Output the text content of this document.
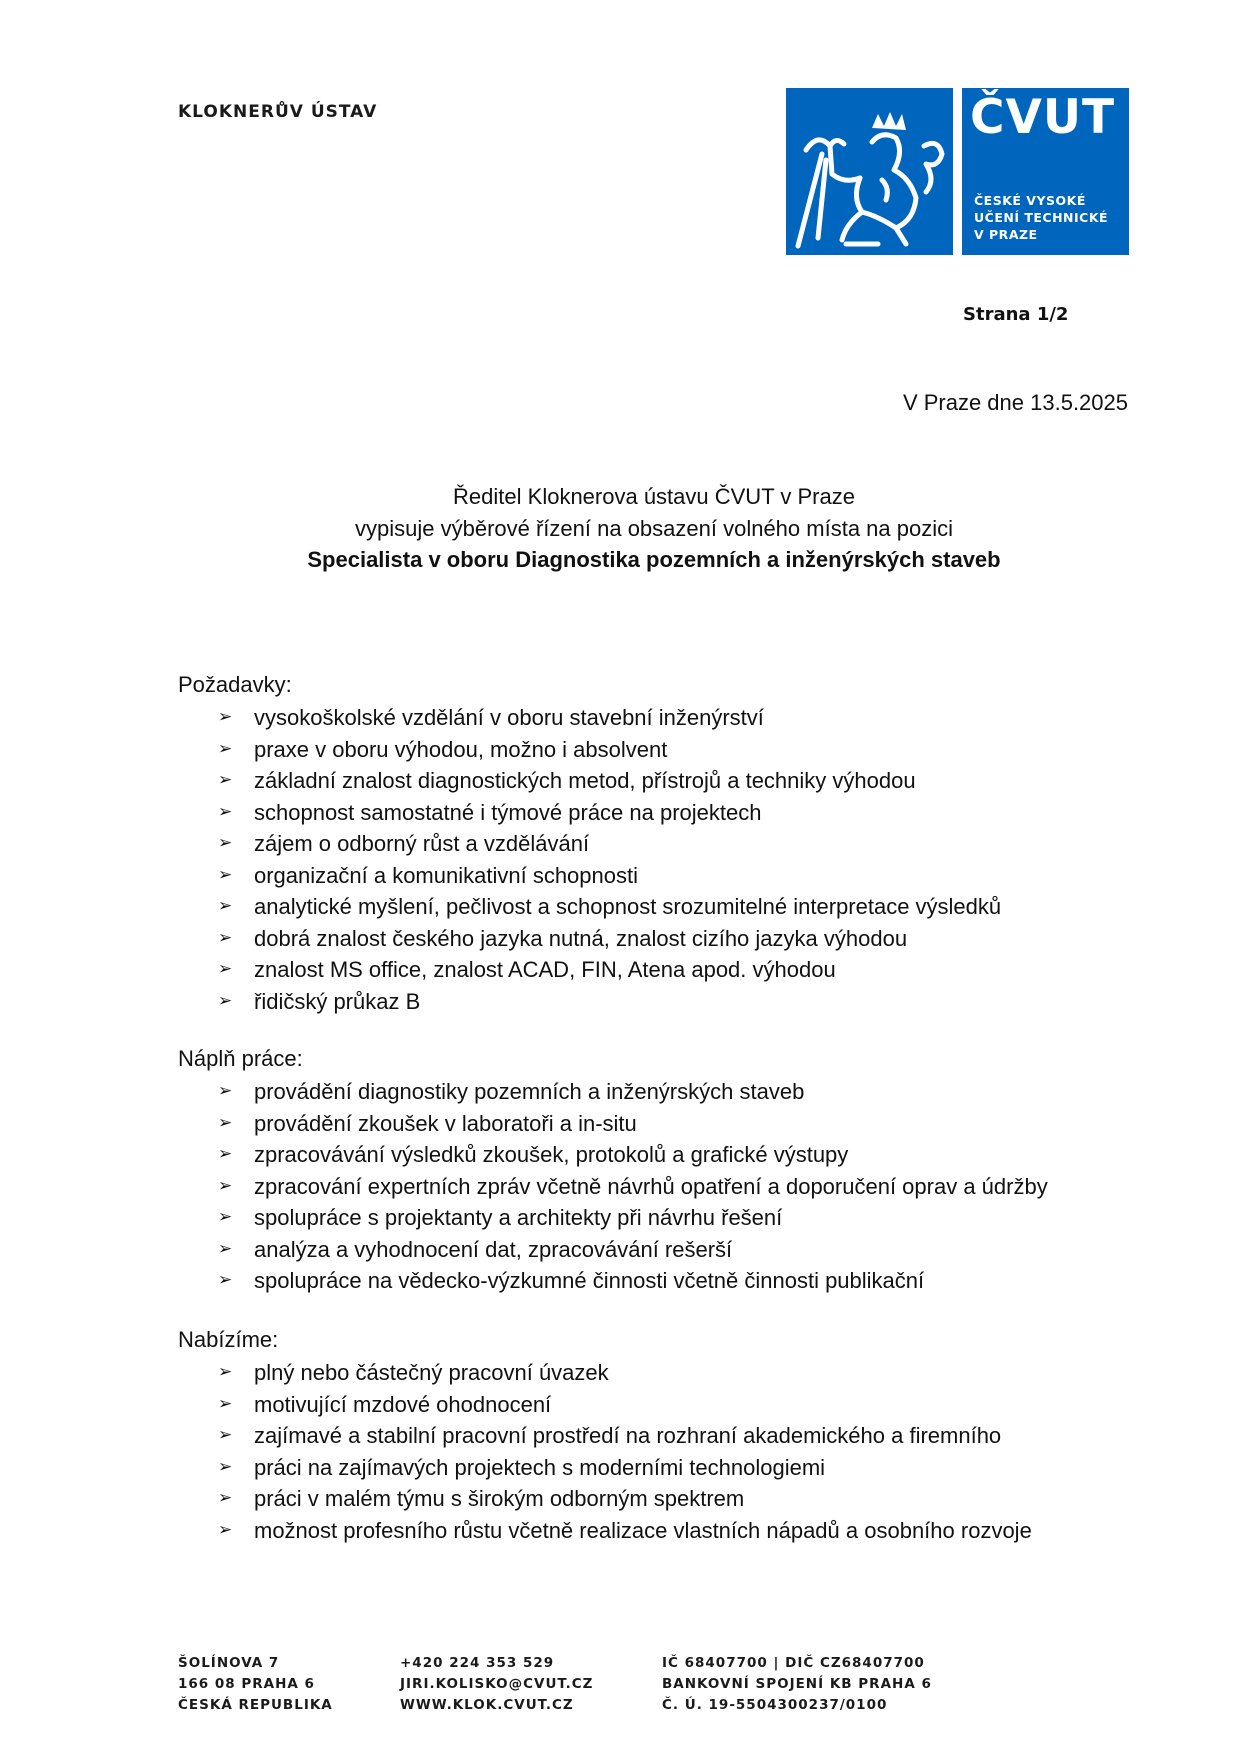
KLOKNERŮV ÚSTAV	ČVUT
ČESKÉ VYSOKÉ
UČENÍ TECHNICKÉ
V PRAZE
Strana 1/2
V Praze dne 13.5.2025
Ředitel Kloknerova ústavu ČVUT v Praze
vypisuje výběrové řízení na obsazení volného místa na pozici
Specialista v oboru Diagnostika pozemních a inženýrských staveb
Požadavky:
➢ vysokoškolské vzdělání v oboru stavební inženýrství
➢ praxe v oboru výhodou, možno i absolvent
➢ základní znalost diagnostických metod, přístrojů a techniky výhodou
➢ schopnost samostatné i týmové práce na projektech
➢ zájem o odborný růst a vzdělávání
➢ organizační a komunikativní schopnosti
➢ analytické myšlení, pečlivost a schopnost srozumitelné interpretace výsledků
➢ dobrá znalost českého jazyka nutná, znalost cizího jazyka výhodou
➢ znalost MS office, znalost ACAD, FIN, Atena apod. výhodou
➢ řidičský průkaz B
Náplň práce:
➢ provádění diagnostiky pozemních a inženýrských staveb
➢ provádění zkoušek v laboratoři a in-situ
➢ zpracovávání výsledků zkoušek, protokolů a grafické výstupy
➢ zpracování expertních zpráv včetně návrhů opatření a doporučení oprav a údržby
➢ spolupráce s projektanty a architekty při návrhu řešení
➢ analýza a vyhodnocení dat, zpracovávání rešerší
➢ spolupráce na vědecko-výzkumné činnosti včetně činnosti publikační
Nabízíme:
➢ plný nebo částečný pracovní úvazek
➢ motivující mzdové ohodnocení
➢ zajímavé a stabilní pracovní prostředí na rozhraní akademického a firemního
➢ práci na zajímavých projektech s moderními technologiemi
➢ práci v malém týmu s širokým odborným spektrem
➢ možnost profesního růstu včetně realizace vlastních nápadů a osobního rozvoje
ŠOLÍNOVA 7
166 08 PRAHA 6
ČESKÁ REPUBLIKA
+420 224 353 529
JIRI.KOLISKO@CVUT.CZ
WWW.KLOK.CVUT.CZ
IČ 68407700 | DIČ CZ68407700
BANKOVNÍ SPOJENÍ KB PRAHA 6
Č. Ú. 19-5504300237/0100
